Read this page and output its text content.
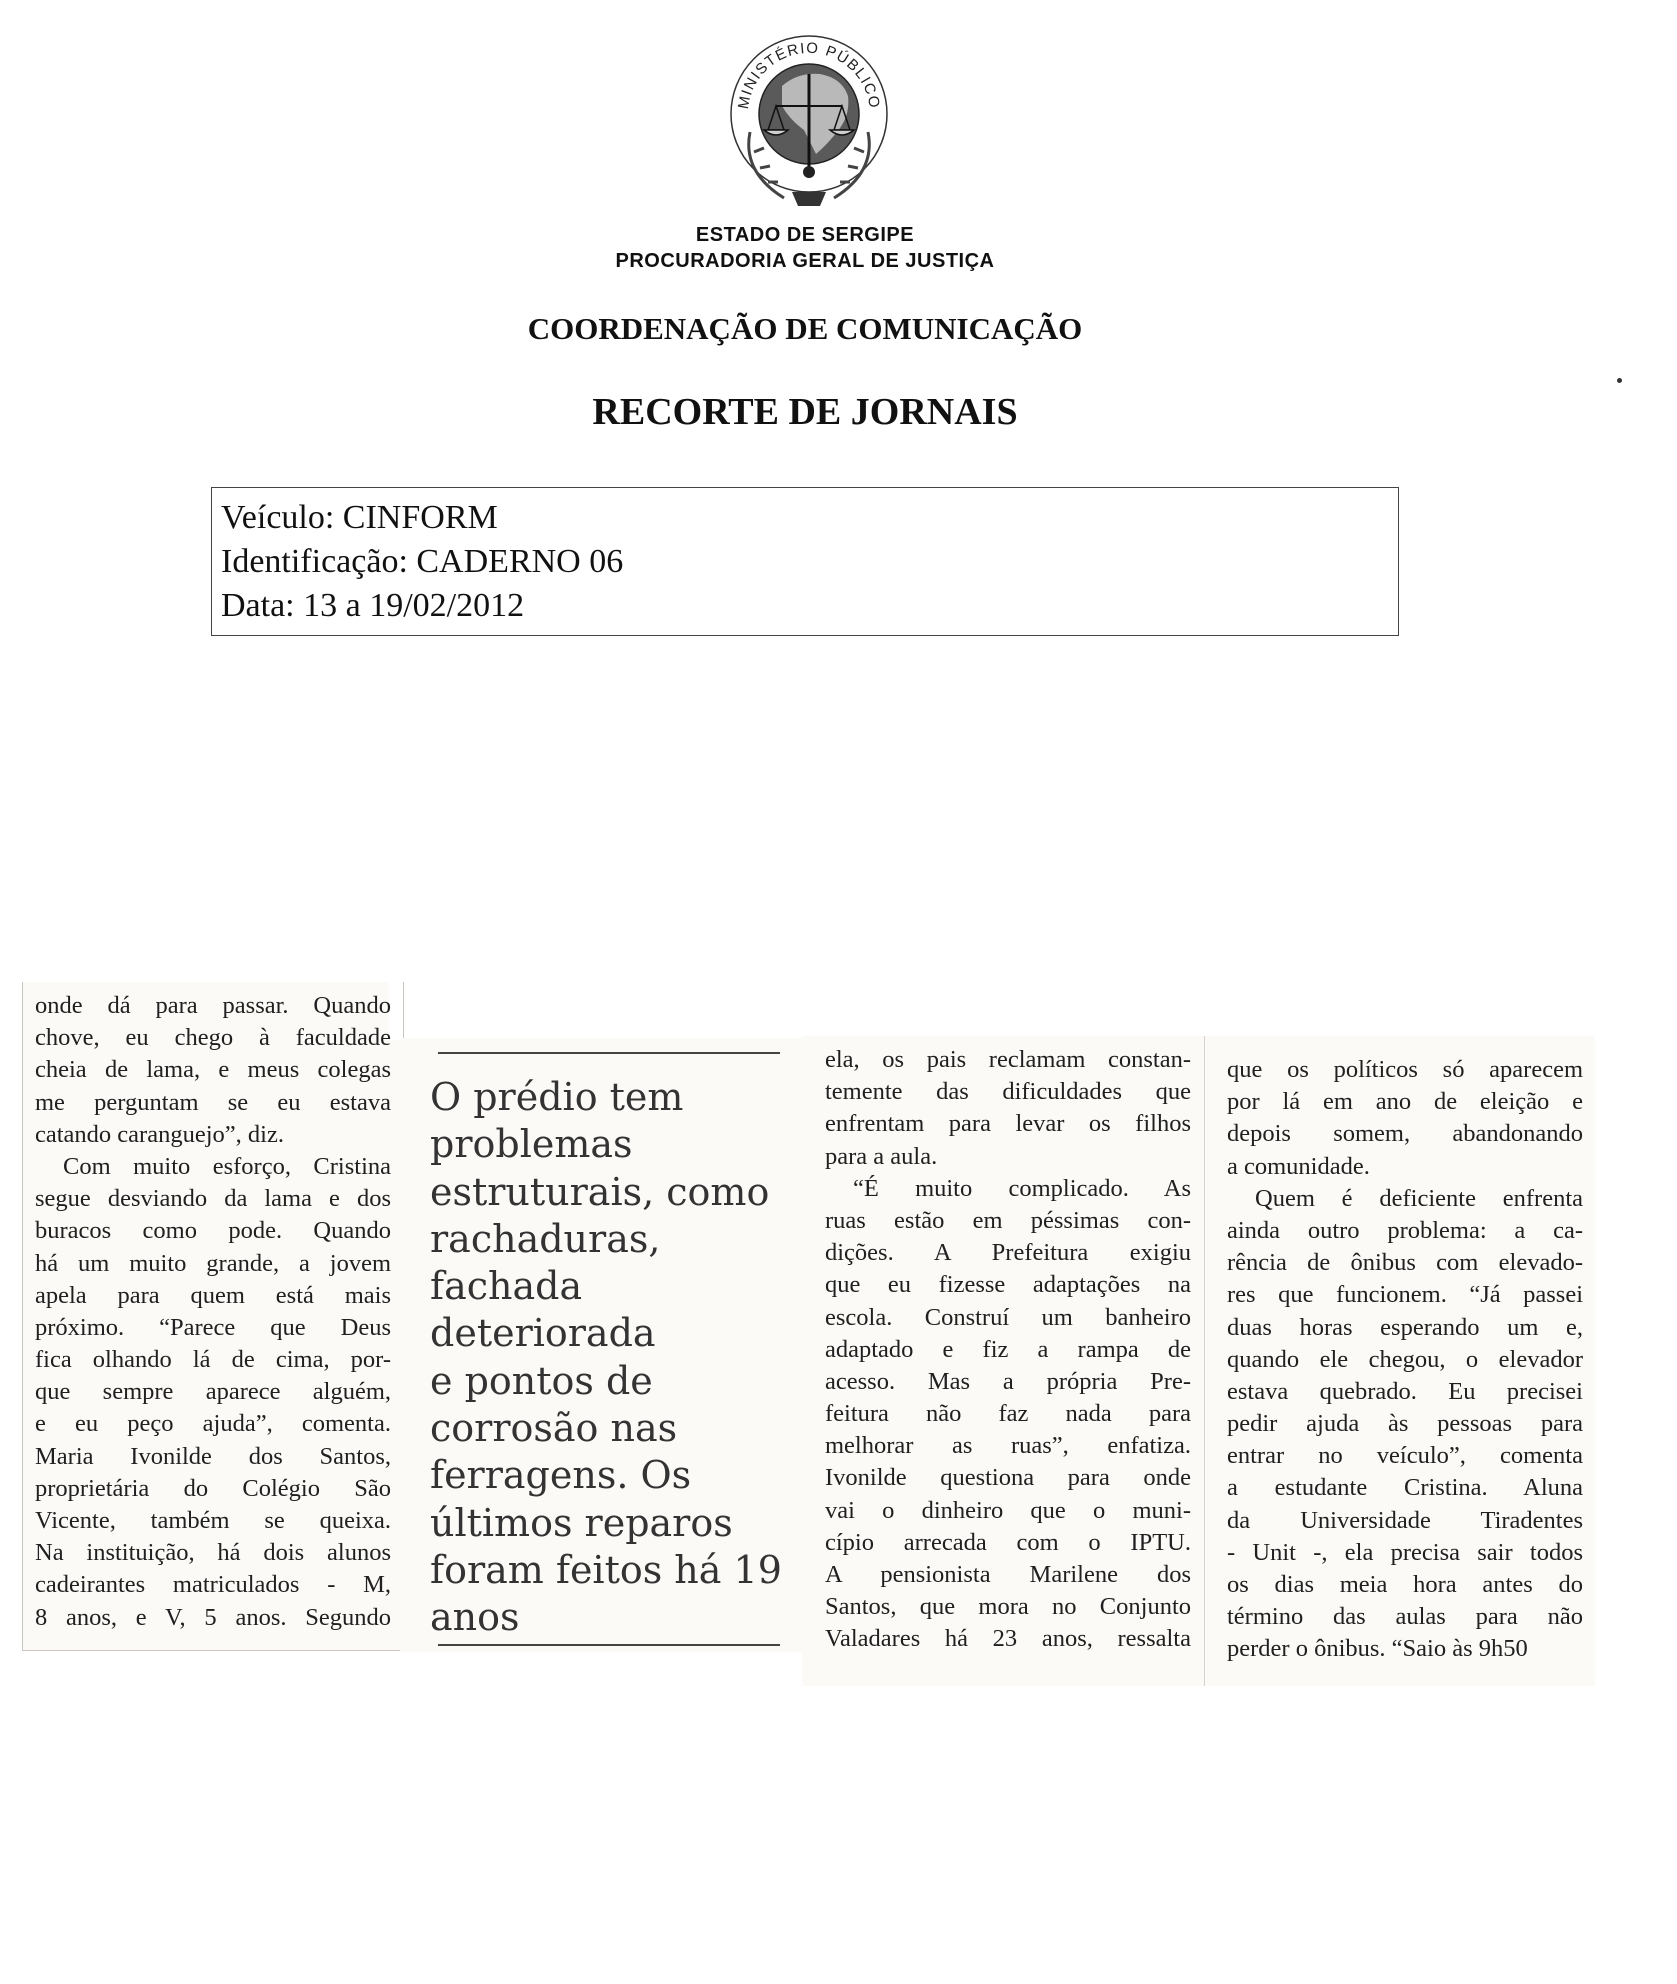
MINISTÉRIO PÚBLICO
ESTADO DE SERGIPE
PROCURADORIA GERAL DE JUSTIÇA
COORDENAÇÃO DE COMUNICAÇÃO
RECORTE DE JORNAIS
Veículo: CINFORM
Identificação: CADERNO 06
Data: 13 a 19/02/2012
onde dá para passar. Quando
chove, eu chego à faculdade
cheia de lama, e meus colegas
me perguntam se eu estava
catando caranguejo”, diz.
Com muito esforço, Cristina
segue desviando da lama e dos
buracos como pode. Quando
há um muito grande, a jovem
apela para quem está mais
próximo. “Parece que Deus
fica olhando lá de cima, por-
que sempre aparece alguém,
e eu peço ajuda”, comenta.
Maria Ivonilde dos Santos,
proprietária do Colégio São
Vicente, também se queixa.
Na instituição, há dois alunos
cadeirantes matriculados - M,
8 anos, e V, 5 anos. Segundo
O prédio tem
problemas
estruturais, como
rachaduras,
fachada
deteriorada
e pontos de
corrosão nas
ferragens. Os
últimos reparos
foram feitos há 19
anos
ela, os pais reclamam constan-
temente das dificuldades que
enfrentam para levar os filhos
para a aula.
“É muito complicado. As
ruas estão em péssimas con-
dições. A Prefeitura exigiu
que eu fizesse adaptações na
escola. Construí um banheiro
adaptado e fiz a rampa de
acesso. Mas a própria Pre-
feitura não faz nada para
melhorar as ruas”, enfatiza.
Ivonilde questiona para onde
vai o dinheiro que o muni-
cípio arrecada com o IPTU.
A pensionista Marilene dos
Santos, que mora no Conjunto
Valadares há 23 anos, ressalta
que os políticos só aparecem
por lá em ano de eleição e
depois somem, abandonando
a comunidade.
Quem é deficiente enfrenta
ainda outro problema: a ca-
rência de ônibus com elevado-
res que funcionem. “Já passei
duas horas esperando um e,
quando ele chegou, o elevador
estava quebrado. Eu precisei
pedir ajuda às pessoas para
entrar no veículo”, comenta
a estudante Cristina. Aluna
da Universidade Tiradentes
- Unit -, ela precisa sair todos
os dias meia hora antes do
término das aulas para não
perder o ônibus. “Saio às 9h50
